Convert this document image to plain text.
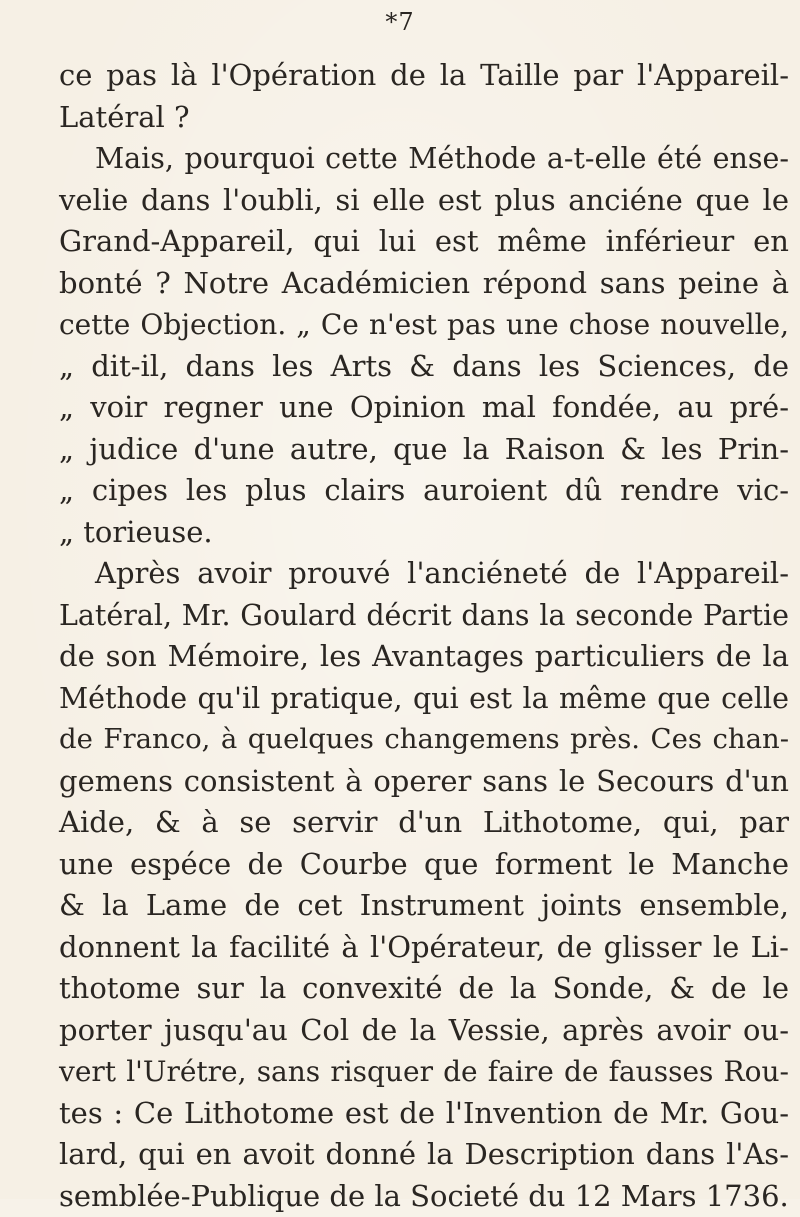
*7
ce pas là l'Opération de la Taille par l'Appareil-
Latéral ?
Mais, pourquoi cette Méthode a-t-elle été ense-
velie dans l'oubli, si elle est plus anciéne que le
Grand-Appareil, qui lui est même inférieur en
bonté ? Notre Académicien répond sans peine à
cette Objection. „ Ce n'est pas une chose nouvelle,
„ dit-il, dans les Arts & dans les Sciences, de
„ voir regner une Opinion mal fondée, au pré-
„ judice d'une autre, que la Raison & les Prin-
„ cipes les plus clairs auroient dû rendre vic-
„ torieuse.
Après avoir prouvé l'anciéneté de l'Appareil-
Latéral, Mr. Goulard décrit dans la seconde Partie
de son Mémoire, les Avantages particuliers de la
Méthode qu'il pratique, qui est la même que celle
de Franco, à quelques changemens près. Ces chan-
gemens consistent à operer sans le Secours d'un
Aide, & à se servir d'un Lithotome, qui, par
une espéce de Courbe que forment le Manche
& la Lame de cet Instrument joints ensemble,
donnent la facilité à l'Opérateur, de glisser le Li-
thotome sur la convexité de la Sonde, & de le
porter jusqu'au Col de la Vessie, après avoir ou-
vert l'Urétre, sans risquer de faire de fausses Rou-
tes : Ce Lithotome est de l'Invention de Mr. Gou-
lard, qui en avoit donné la Description dans l'As-
semblée-Publique de la Societé du 12 Mars 1736.
